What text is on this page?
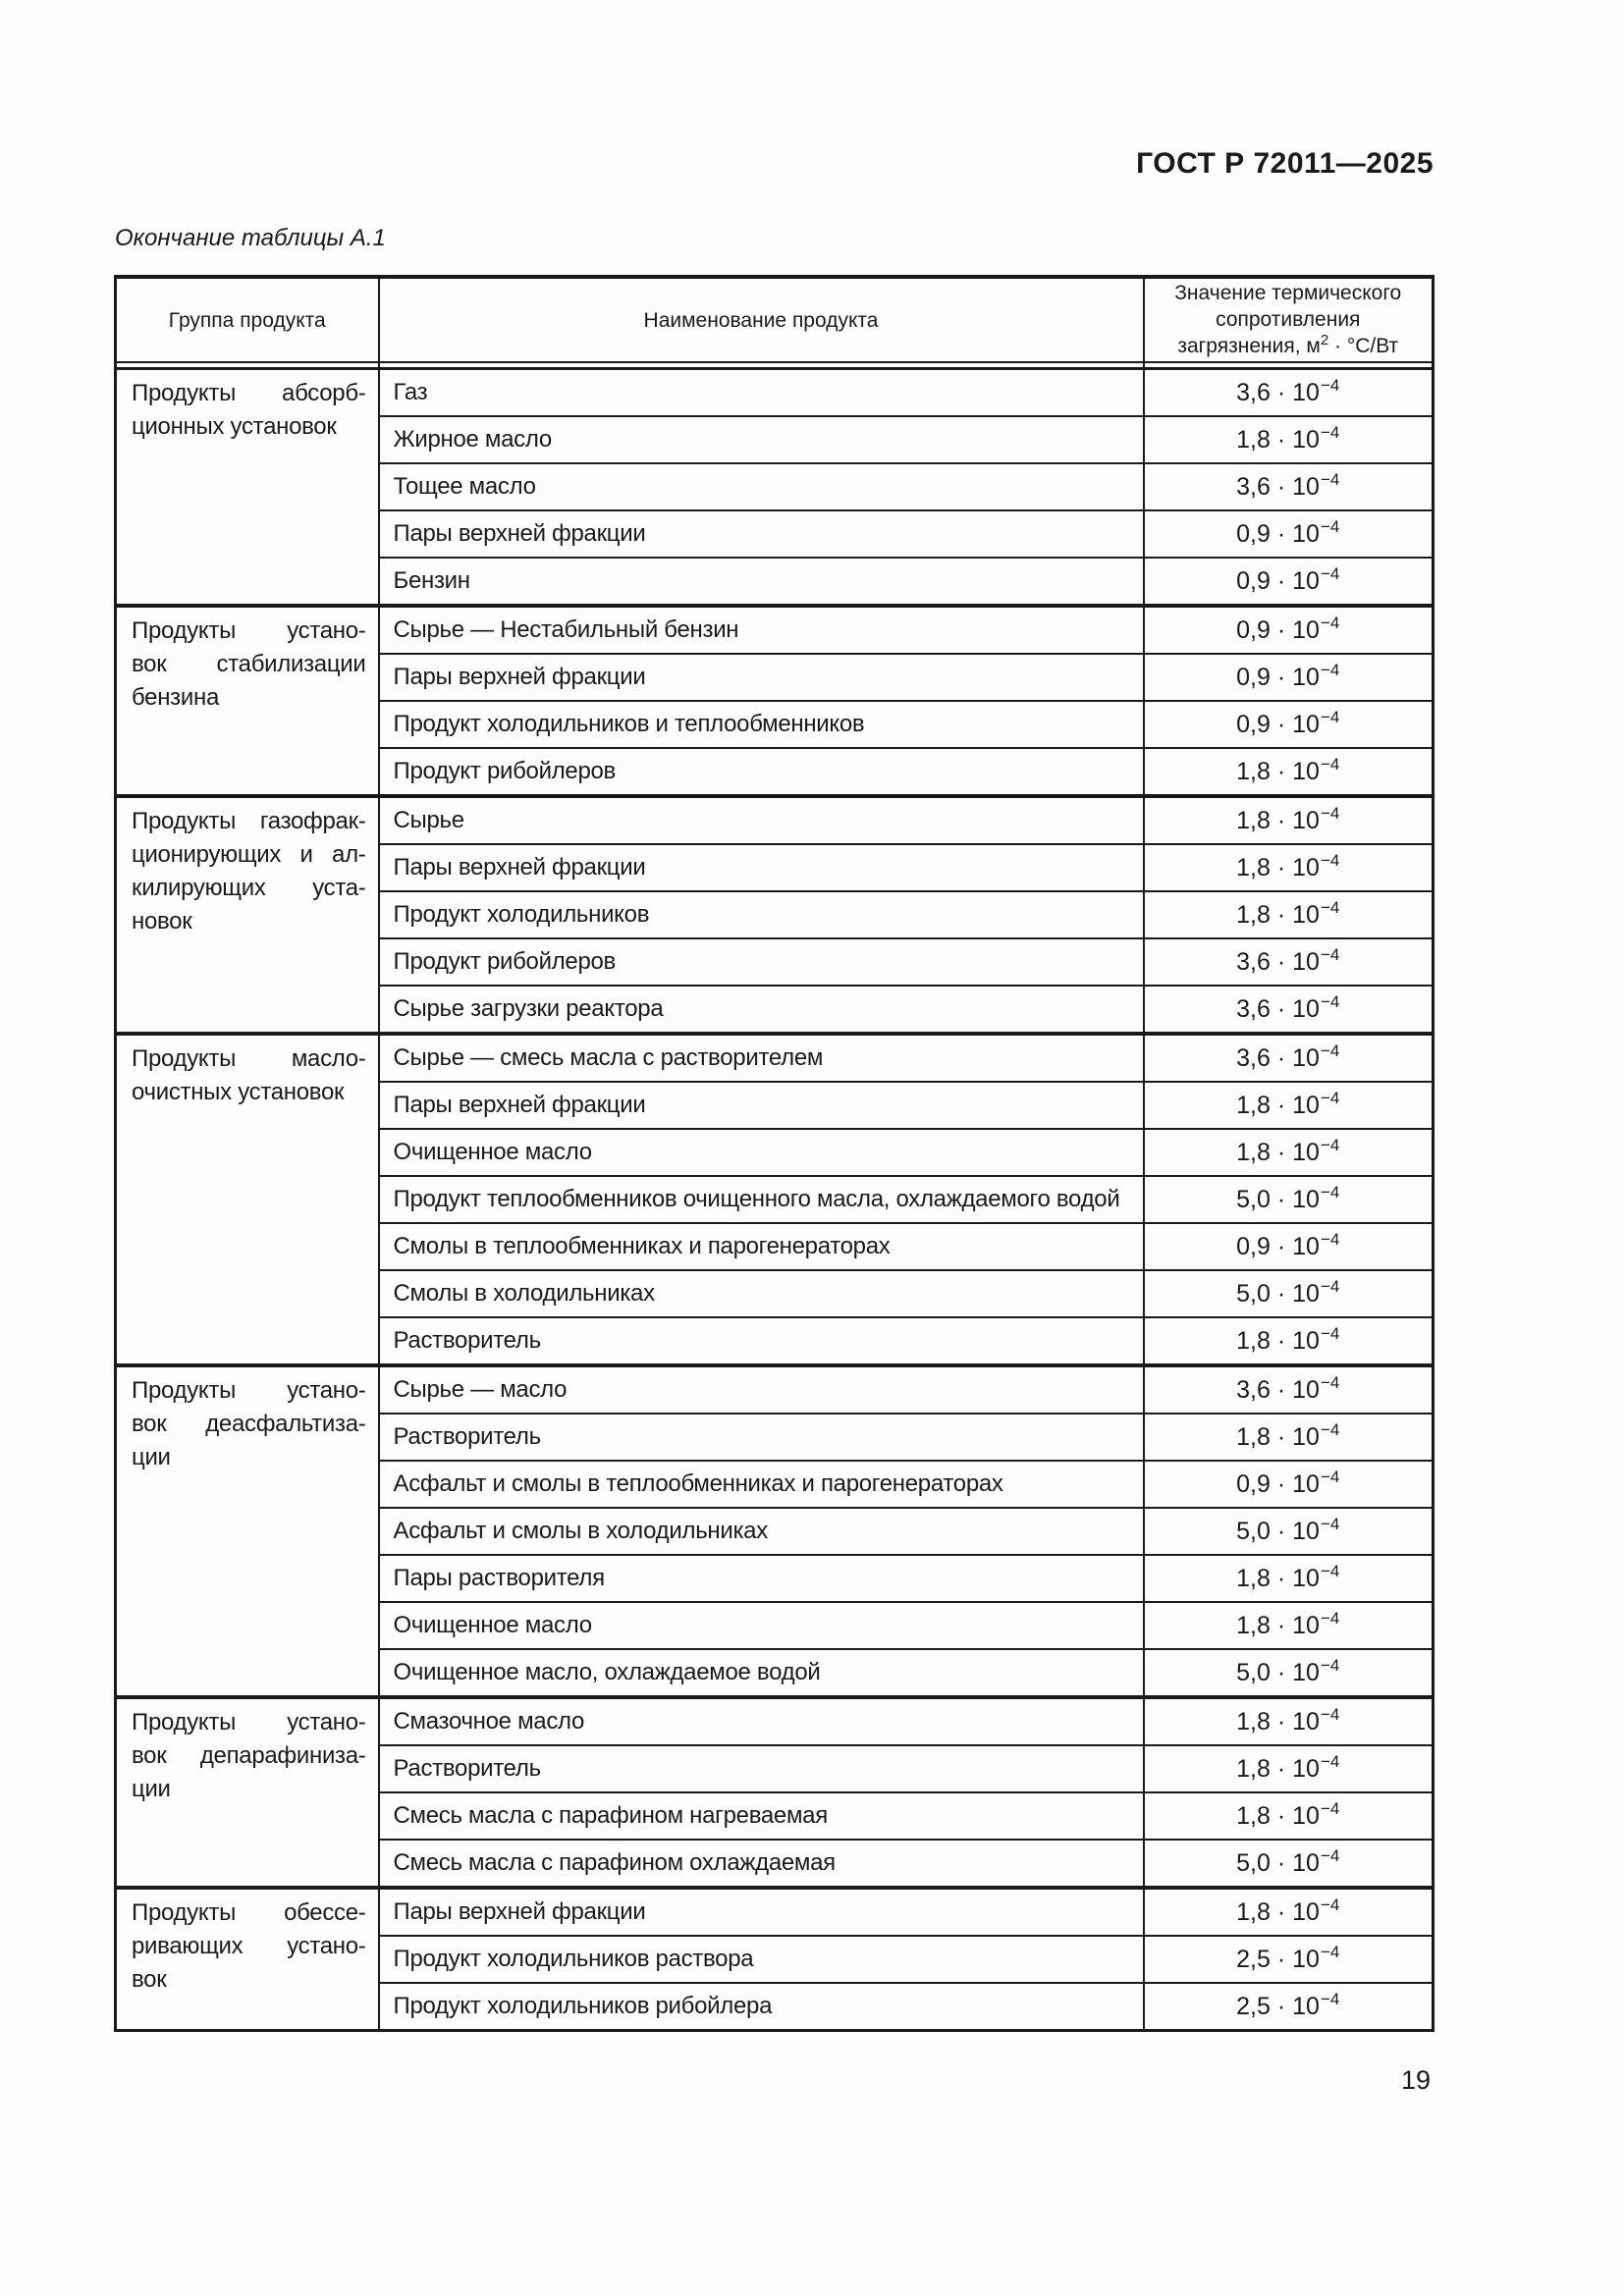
ГОСТ Р 72011—2025
Окончание таблицы А.1
Группа продукта	Наименование продукта	Значение термического
сопротивления
загрязнения, $м^2 \cdot ^\circ С/Вт$

Продукты абсорб-
ционных установок	Газ	$3,6 \cdot 10^{-4}$
	Жирное масло	$1,8 \cdot 10^{-4}$
	Тощее масло	$3,6 \cdot 10^{-4}$
	Пары верхней фракции	$0,9 \cdot 10^{-4}$
	Бензин	$0,9 \cdot 10^{-4}$

Продукты устано-
вок стабилизации
бензина	Сырье — Нестабильный бензин	$0,9 \cdot 10^{-4}$
	Пары верхней фракции	$0,9 \cdot 10^{-4}$
	Продукт холодильников и теплообменников	$0,9 \cdot 10^{-4}$
	Продукт рибойлеров	$1,8 \cdot 10^{-4}$

Продукты газофрак-
ционирующих и ал-
килирующих уста-
новок	Сырье	$1,8 \cdot 10^{-4}$
	Пары верхней фракции	$1,8 \cdot 10^{-4}$
	Продукт холодильников	$1,8 \cdot 10^{-4}$
	Продукт рибойлеров	$3,6 \cdot 10^{-4}$
	Сырье загрузки реактора	$3,6 \cdot 10^{-4}$

Продукты масло-
очистных установок	Сырье — смесь масла с растворителем	$3,6 \cdot 10^{-4}$
	Пары верхней фракции	$1,8 \cdot 10^{-4}$
	Очищенное масло	$1,8 \cdot 10^{-4}$
	Продукт теплообменников очищенного масла, охлаждаемого водой	$5,0 \cdot 10^{-4}$
	Смолы в теплообменниках и парогенераторах	$0,9 \cdot 10^{-4}$
	Смолы в холодильниках	$5,0 \cdot 10^{-4}$
	Растворитель	$1,8 \cdot 10^{-4}$

Продукты устано-
вок деасфальтиза-
ции	Сырье — масло	$3,6 \cdot 10^{-4}$
	Растворитель	$1,8 \cdot 10^{-4}$
	Асфальт и смолы в теплообменниках и парогенераторах	$0,9 \cdot 10^{-4}$
	Асфальт и смолы в холодильниках	$5,0 \cdot 10^{-4}$
	Пары растворителя	$1,8 \cdot 10^{-4}$
	Очищенное масло	$1,8 \cdot 10^{-4}$
	Очищенное масло, охлаждаемое водой	$5,0 \cdot 10^{-4}$

Продукты устано-
вок депарафиниза-
ции	Смазочное масло	$1,8 \cdot 10^{-4}$
	Растворитель	$1,8 \cdot 10^{-4}$
	Смесь масла с парафином нагреваемая	$1,8 \cdot 10^{-4}$
	Смесь масла с парафином охлаждаемая	$5,0 \cdot 10^{-4}$

Продукты обессе-
ривающих устано-
вок	Пары верхней фракции	$1,8 \cdot 10^{-4}$
	Продукт холодильников раствора	$2,5 \cdot 10^{-4}$
	Продукт холодильников рибойлера	$2,5 \cdot 10^{-4}$
19
